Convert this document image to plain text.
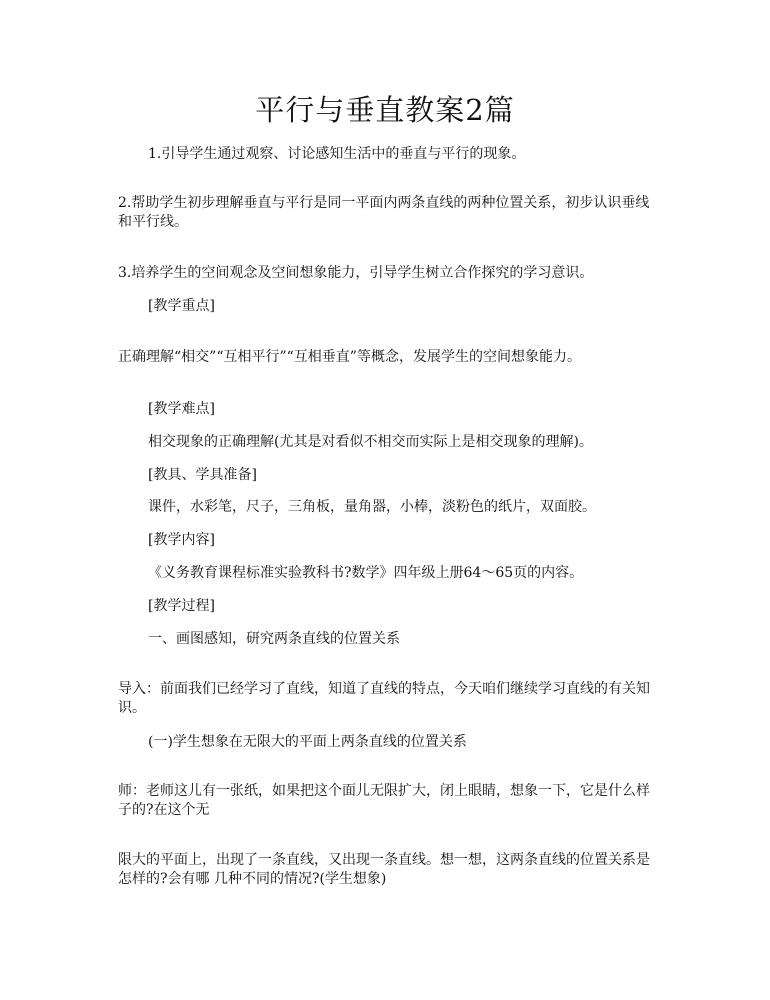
平行与垂直教案2篇

1.引导学生通过观察、讨论感知生活中的垂直与平行的现象。

2.帮助学生初步理解垂直与平行是同一平面内两条直线的两种位置关系，初步认识垂线和平行线。

3.培养学生的空间观念及空间想象能力，引导学生树立合作探究的学习意识。

[教学重点]

正确理解“相交”“互相平行”“互相垂直”等概念，发展学生的空间想象能力。

[教学难点]

相交现象的正确理解(尤其是对看似不相交而实际上是相交现象的理解)。

[教具、学具准备]

课件，水彩笔，尺子，三角板，量角器，小棒，淡粉色的纸片，双面胶。

[教学内容]

《义务教育课程标准实验教科书?数学》四年级上册64～65页的内容。

[教学过程]

一、画图感知，研究两条直线的位置关系

导入：前面我们已经学习了直线，知道了直线的特点，今天咱们继续学习直线的有关知识。

(一)学生想象在无限大的平面上两条直线的位置关系

师：老师这儿有一张纸，如果把这个面儿无限扩大，闭上眼睛，想象一下，它是什么样子的?在这个无

限大的平面上，出现了一条直线，又出现一条直线。想一想，这两条直线的位置关系是怎样的?会有哪 几种不同的情况?(学生想象)
